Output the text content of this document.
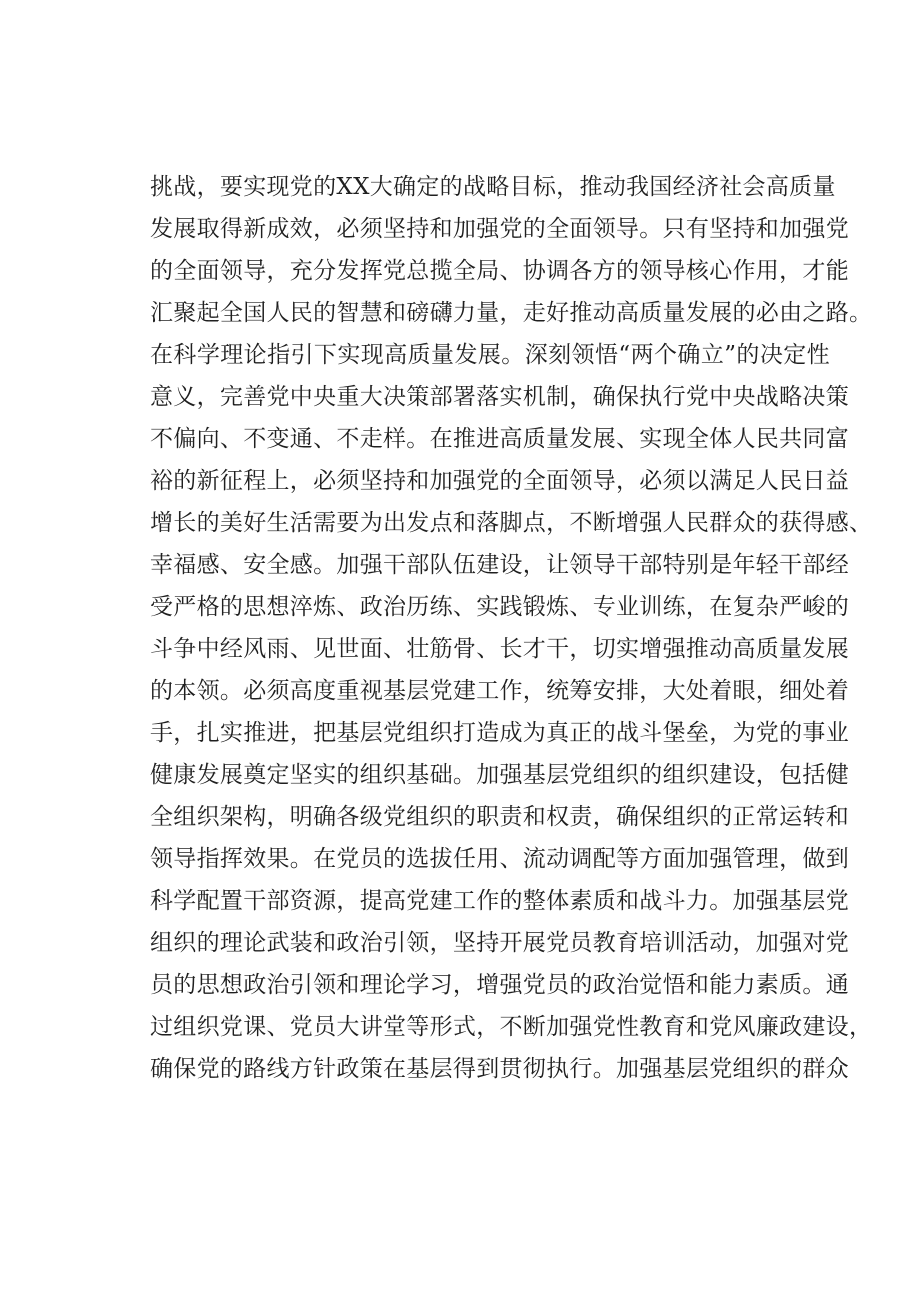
挑战，要实现党的XX大确定的战略目标，推动我国经济社会高质量
发展取得新成效，必须坚持和加强党的全面领导。只有坚持和加强党
的全面领导，充分发挥党总揽全局、协调各方的领导核心作用，才能
汇聚起全国人民的智慧和磅礴力量，走好推动高质量发展的必由之路。
在科学理论指引下实现高质量发展。深刻领悟“两个确立”的决定性
意义，完善党中央重大决策部署落实机制，确保执行党中央战略决策
不偏向、不变通、不走样。在推进高质量发展、实现全体人民共同富
裕的新征程上，必须坚持和加强党的全面领导，必须以满足人民日益
增长的美好生活需要为出发点和落脚点，不断增强人民群众的获得感、
幸福感、安全感。加强干部队伍建设，让领导干部特别是年轻干部经
受严格的思想淬炼、政治历练、实践锻炼、专业训练，在复杂严峻的
斗争中经风雨、见世面、壮筋骨、长才干，切实增强推动高质量发展
的本领。必须高度重视基层党建工作，统筹安排，大处着眼，细处着
手，扎实推进，把基层党组织打造成为真正的战斗堡垒，为党的事业
健康发展奠定坚实的组织基础。加强基层党组织的组织建设，包括健
全组织架构，明确各级党组织的职责和权责，确保组织的正常运转和
领导指挥效果。在党员的选拔任用、流动调配等方面加强管理，做到
科学配置干部资源，提高党建工作的整体素质和战斗力。加强基层党
组织的理论武装和政治引领，坚持开展党员教育培训活动，加强对党
员的思想政治引领和理论学习，增强党员的政治觉悟和能力素质。通
过组织党课、党员大讲堂等形式，不断加强党性教育和党风廉政建设，
确保党的路线方针政策在基层得到贯彻执行。加强基层党组织的群众
